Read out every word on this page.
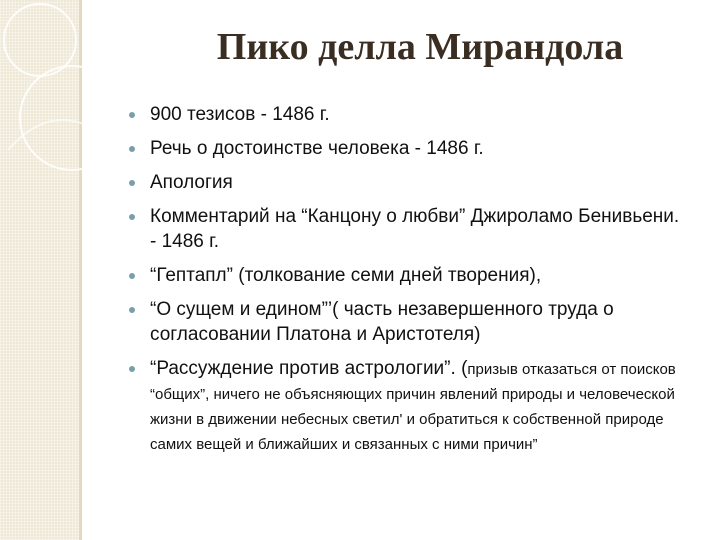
Пико делла Мирандола
900 тезисов - 1486 г.
Речь о достоинстве человека - 1486 г.
Апология
Комментарий на “Канцону о любви” Джироламо Бенивьени. - 1486 г.
“Гептапл” (толкование семи дней творения),
“О сущем и едином”’( часть незавершенного труда о согласовании Платона и Аристотеля)
“Рассуждение против астрологии”. (призыв отказаться от поисков “общих”, ничего не объясняющих причин явлений природы и человеческой жизни в движении небесных светил' и обратиться к собственной природе самих вещей и ближайших и связанных с ними причин”
